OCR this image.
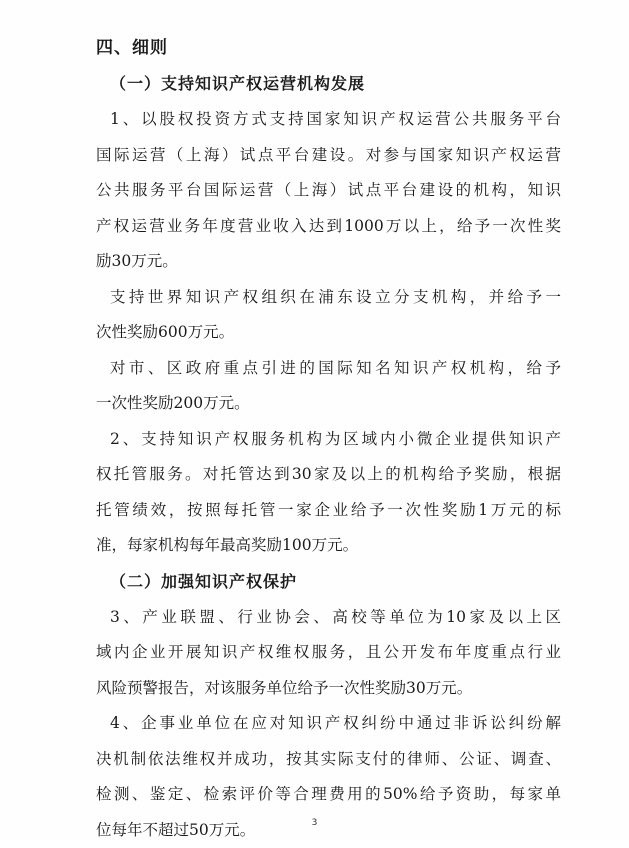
四、细则
（一）支持知识产权运营机构发展

1、以股权投资方式支持国家知识产权运营公共服务平台

国际运营（上海）试点平台建设。对参与国家知识产权运营
公共服务平台国际运营（上海）试点平台建设的机构，知识
产权运营业务年度营业收入达到1000万以上，给予一次性奖
励30万元。

支持世界知识产权组织在浦东设立分支机构，并给予一

次性奖励600万元。

对市、区政府重点引进的国际知名知识产权机构，给予

一次性奖励200万元。

2、支持知识产权服务机构为区域内小微企业提供知识产

权托管服务。对托管达到30家及以上的机构给予奖励，根据
托管绩效，按照每托管一家企业给予一次性奖励1万元的标
准，每家机构每年最高奖励100万元。

（二）加强知识产权保护

3、产业联盟、行业协会、高校等单位为10家及以上区

域内企业开展知识产权维权服务，且公开发布年度重点行业
风险预警报告，对该服务单位给予一次性奖励30万元。

4、企事业单位在应对知识产权纠纷中通过非诉讼纠纷解

决机制依法维权并成功，按其实际支付的律师、公证、调查、
检测、鉴定、检索评价等合理费用的50%给予资助，每家单
位每年不超过50万元。	3
